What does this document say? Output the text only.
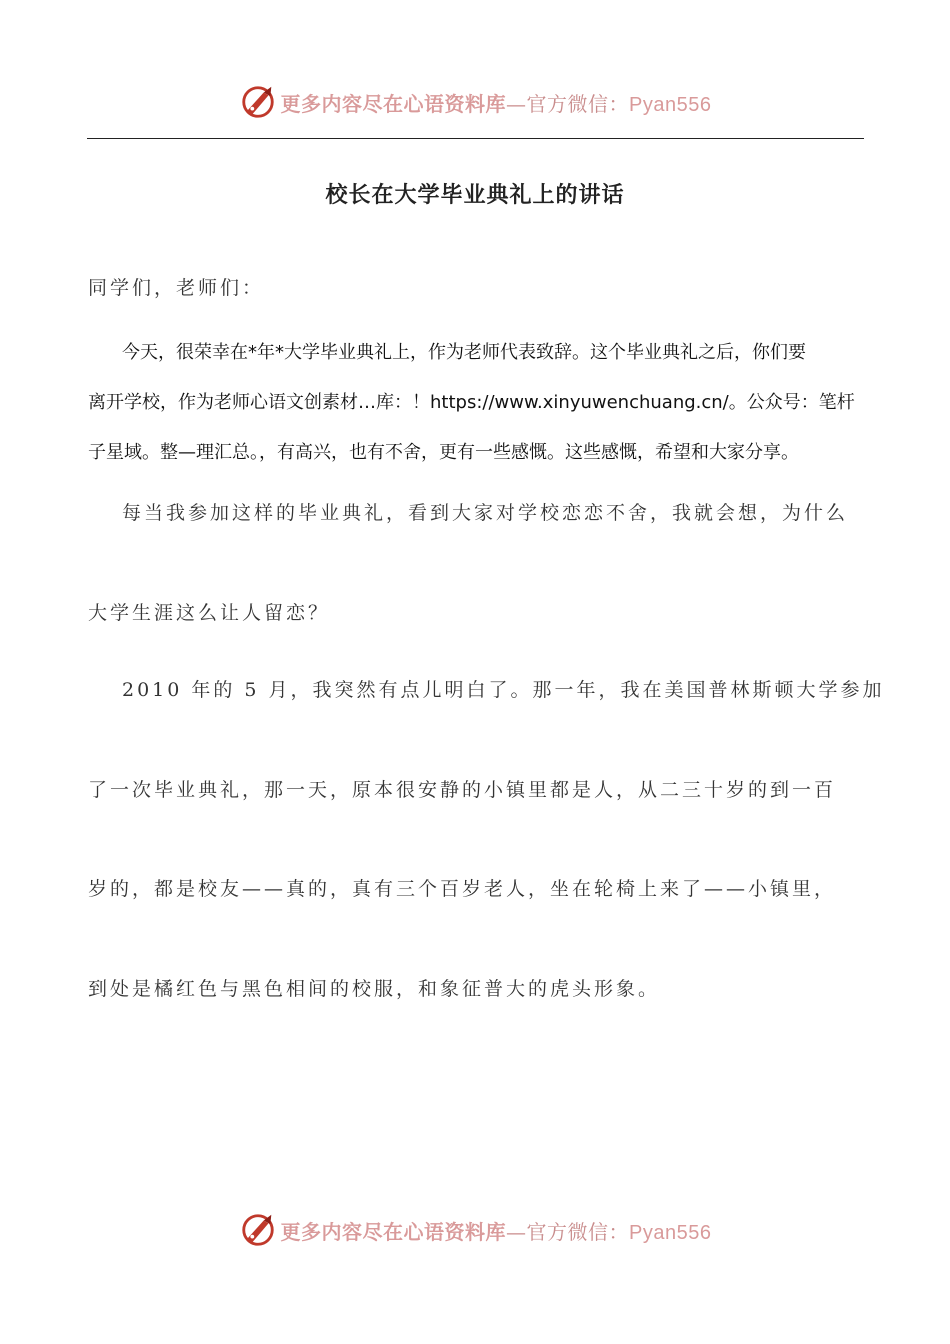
更多内容尽在心语资料库—官方微信：Pyan556
校长在大学毕业典礼上的讲话
同学们，老师们：
今天，很荣幸在*年*大学毕业典礼上，作为老师代表致辞。这个毕业典礼之后，你们要
离开学校，作为老师心语文创素材…库：！https://www.xinyuwenchuang.cn/。公众号：笔杆
子星域。整—理汇总。，有高兴，也有不舍，更有一些感慨。这些感慨，希望和大家分享。
每当我参加这样的毕业典礼，看到大家对学校恋恋不舍，我就会想，为什么
大学生涯这么让人留恋？
2010 年的 5 月，我突然有点儿明白了。那一年，我在美国普林斯顿大学参加
了一次毕业典礼，那一天，原本很安静的小镇里都是人，从二三十岁的到一百
岁的，都是校友——真的，真有三个百岁老人，坐在轮椅上来了——小镇里，
到处是橘红色与黑色相间的校服，和象征普大的虎头形象。
更多内容尽在心语资料库—官方微信：Pyan556
